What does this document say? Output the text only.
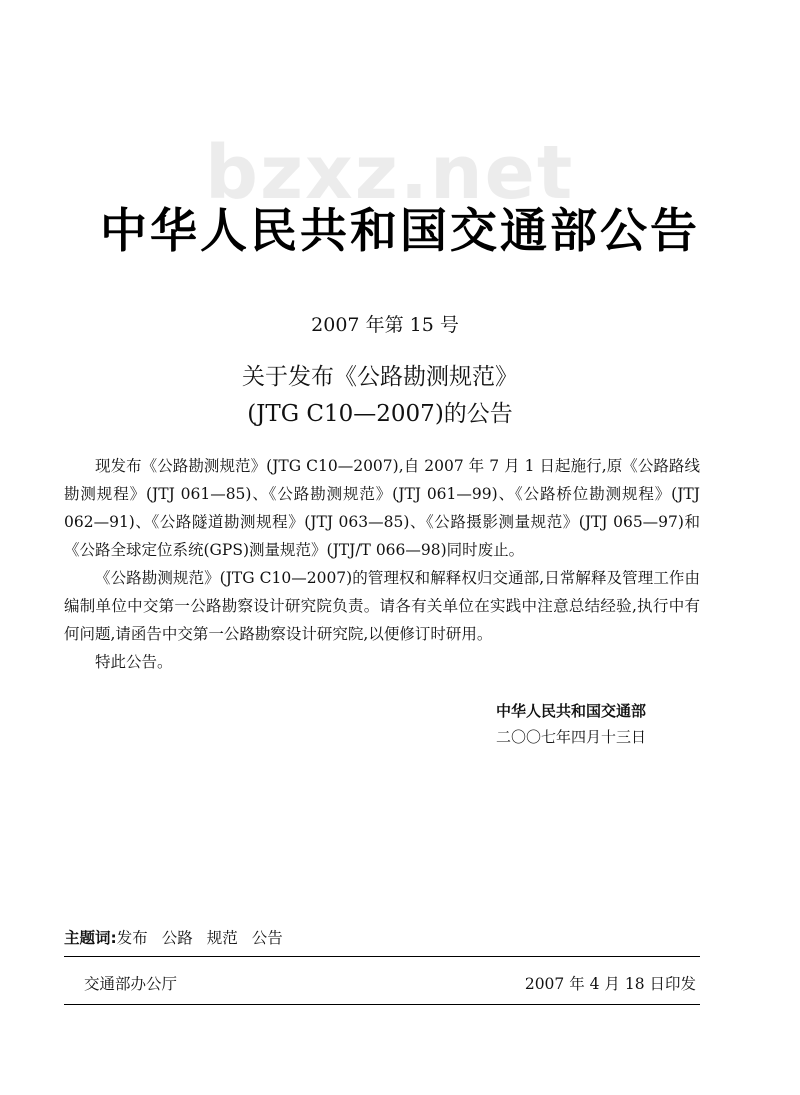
bzxz.net
中华人民共和国交通部公告
2007 年第 15 号
关于发布《公路勘测规范》
(JTG C10—2007)的公告

现发布《公路勘测规范》(JTG C10—2007),自 2007 年 7 月 1 日起施行,原《公路路线勘测规程》(JTJ 061—85)、《公路勘测规范》(JTJ 061—99)、《公路桥位勘测规程》(JTJ 062—91)、《公路隧道勘测规程》(JTJ 063—85)、《公路摄影测量规范》(JTJ 065—97)和《公路全球定位系统(GPS)测量规范》(JTJ/T 066—98)同时废止。

《公路勘测规范》(JTG C10—2007)的管理权和解释权归交通部,日常解释及管理工作由编制单位中交第一公路勘察设计研究院负责。请各有关单位在实践中注意总结经验,执行中有何问题,请函告中交第一公路勘察设计研究院,以便修订时研用。

特此公告。

中华人民共和国交通部
二〇〇七年四月十三日
主题词:发布 公路 规范 公告
交通部办公厅	2007 年 4 月 18 日印发
